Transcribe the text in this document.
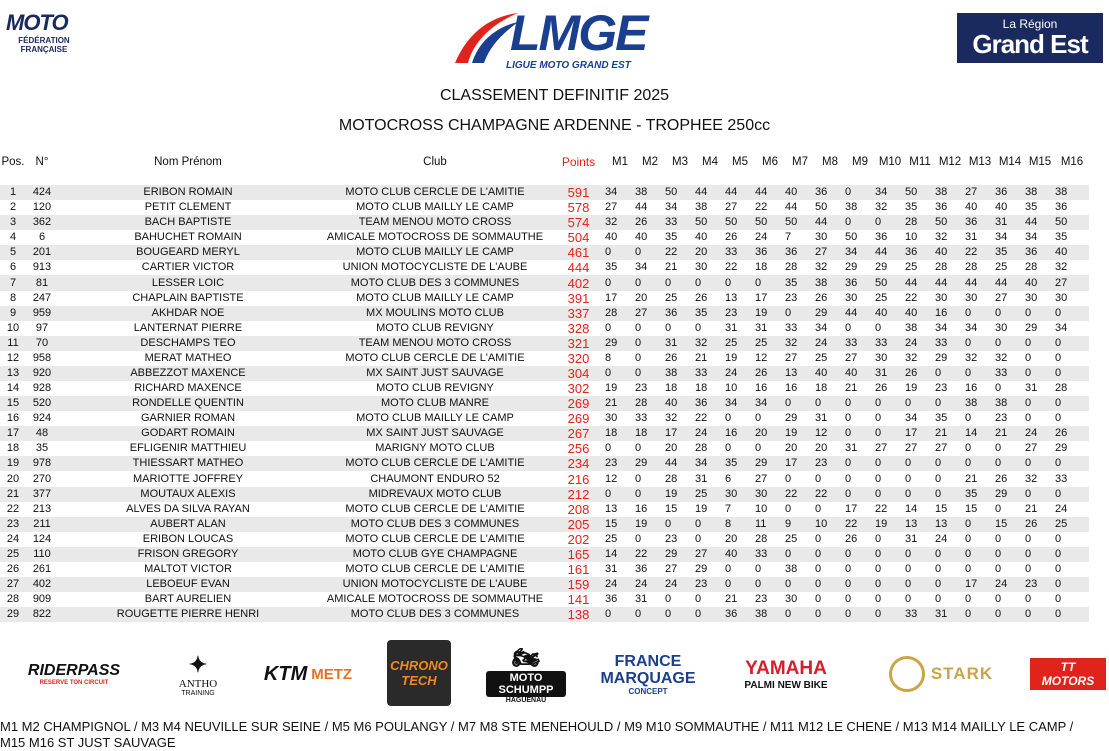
MOTO
FÉDÉRATION
FRANÇAISE	LMGE
LIGUE MOTO GRAND EST
La Région
Grand Est
CLASSEMENT DEFINITIF 2025
MOTOCROSS CHAMPAGNE ARDENNE - TROPHEE 250cc
Pos.	N°	Nom Prénom	Club	Points	M1	M2	M3	M4	M5	M6	M7	M8	M9	M10	M11	M12	M13	M14	M15	M16

1	424	ERIBON ROMAIN	MOTO CLUB CERCLE DE L'AMITIE	591	34	38	50	44	44	44	40	36	0	34	50	38	27	36	38	38
2	120	PETIT CLEMENT	MOTO CLUB MAILLY LE CAMP	578	27	44	34	38	27	22	44	50	38	32	35	36	40	40	35	36
3	362	BACH BAPTISTE	TEAM MENOU MOTO CROSS	574	32	26	33	50	50	50	50	44	0	0	28	50	36	31	44	50
4	6	BAHUCHET ROMAIN	AMICALE MOTOCROSS DE SOMMAUTHE	504	40	40	35	40	26	24	7	30	50	36	10	32	31	34	34	35
5	201	BOUGEARD MERYL	MOTO CLUB MAILLY LE CAMP	461	0	0	22	20	33	36	36	27	34	44	36	40	22	35	36	40
6	913	CARTIER VICTOR	UNION MOTOCYCLISTE DE L'AUBE	444	35	34	21	30	22	18	28	32	29	29	25	28	28	25	28	32
7	81	LESSER LOIC	MOTO CLUB DES 3 COMMUNES	402	0	0	0	0	0	0	35	38	36	50	44	44	44	44	40	27
8	247	CHAPLAIN BAPTISTE	MOTO CLUB MAILLY LE CAMP	391	17	20	25	26	13	17	23	26	30	25	22	30	30	27	30	30
9	959	AKHDAR NOE	MX MOULINS MOTO CLUB	337	28	27	36	35	23	19	0	29	44	40	40	16	0	0	0	0
10	97	LANTERNAT PIERRE	MOTO CLUB REVIGNY	328	0	0	0	0	31	31	33	34	0	0	38	34	34	30	29	34
11	70	DESCHAMPS TEO	TEAM MENOU MOTO CROSS	321	29	0	31	32	25	25	32	24	33	33	24	33	0	0	0	0
12	958	MERAT MATHEO	MOTO CLUB CERCLE DE L'AMITIE	320	8	0	26	21	19	12	27	25	27	30	32	29	32	32	0	0
13	920	ABBEZZOT MAXENCE	MX SAINT JUST SAUVAGE	304	0	0	38	33	24	26	13	40	40	31	26	0	0	33	0	0
14	928	RICHARD MAXENCE	MOTO CLUB REVIGNY	302	19	23	18	18	10	16	16	18	21	26	19	23	16	0	31	28
15	520	RONDELLE QUENTIN	MOTO CLUB MANRE	269	21	28	40	36	34	34	0	0	0	0	0	0	38	38	0	0
16	924	GARNIER ROMAN	MOTO CLUB MAILLY LE CAMP	269	30	33	32	22	0	0	29	31	0	0	34	35	0	23	0	0
17	48	GODART ROMAIN	MX SAINT JUST SAUVAGE	267	18	18	17	24	16	20	19	12	0	0	17	21	14	21	24	26
18	35	EFLIGENIR MATTHIEU	MARIGNY MOTO CLUB	256	0	0	20	28	0	0	20	20	31	27	27	27	0	0	27	29
19	978	THIESSART MATHEO	MOTO CLUB CERCLE DE L'AMITIE	234	23	29	44	34	35	29	17	23	0	0	0	0	0	0	0	0
20	270	MARIOTTE JOFFREY	CHAUMONT ENDURO 52	216	12	0	28	31	6	27	0	0	0	0	0	0	21	26	32	33
21	377	MOUTAUX ALEXIS	MIDREVAUX MOTO CLUB	212	0	0	19	25	30	30	22	22	0	0	0	0	35	29	0	0
22	213	ALVES DA SILVA RAYAN	MOTO CLUB CERCLE DE L'AMITIE	208	13	16	15	19	7	10	0	0	17	22	14	15	15	0	21	24
23	211	AUBERT ALAN	MOTO CLUB DES 3 COMMUNES	205	15	19	0	0	8	11	9	10	22	19	13	13	0	15	26	25
24	124	ERIBON LOUCAS	MOTO CLUB CERCLE DE L'AMITIE	202	25	0	23	0	20	28	25	0	26	0	31	24	0	0	0	0
25	110	FRISON GREGORY	MOTO CLUB GYE CHAMPAGNE	165	14	22	29	27	40	33	0	0	0	0	0	0	0	0	0	0
26	261	MALTOT VICTOR	MOTO CLUB CERCLE DE L'AMITIE	161	31	36	27	29	0	0	38	0	0	0	0	0	0	0	0	0
27	402	LEBOEUF EVAN	UNION MOTOCYCLISTE DE L'AUBE	159	24	24	24	23	0	0	0	0	0	0	0	0	17	24	23	0
28	909	BART AURELIEN	AMICALE MOTOCROSS DE SOMMAUTHE	141	36	31	0	0	21	23	30	0	0	0	0	0	0	0	0	0
29	822	ROUGETTE PIERRE HENRI	MOTO CLUB DES 3 COMMUNES	138	0	0	0	0	36	38	0	0	0	0	33	31	0	0	0	0
RIDERPASS
RESERVE TON CIRCUIT
✦
ANTHO
TRAINING
KTM METZ	CHRONO
TECH
🏍
MOTO SCHUMPP
HAGUENAU
FRANCE MARQUAGE
CONCEPT
YAMAHA
PALMI NEW BIKE
STARK	TT MOTORS
M1 M2 CHAMPIGNOL / M3 M4 NEUVILLE SUR SEINE / M5 M6 POULANGY / M7 M8 STE MENEHOULD / M9 M10 SOMMAUTHE / M11 M12 LE CHENE / M13 M14 MAILLY LE CAMP /
M15 M16 ST JUST SAUVAGE
